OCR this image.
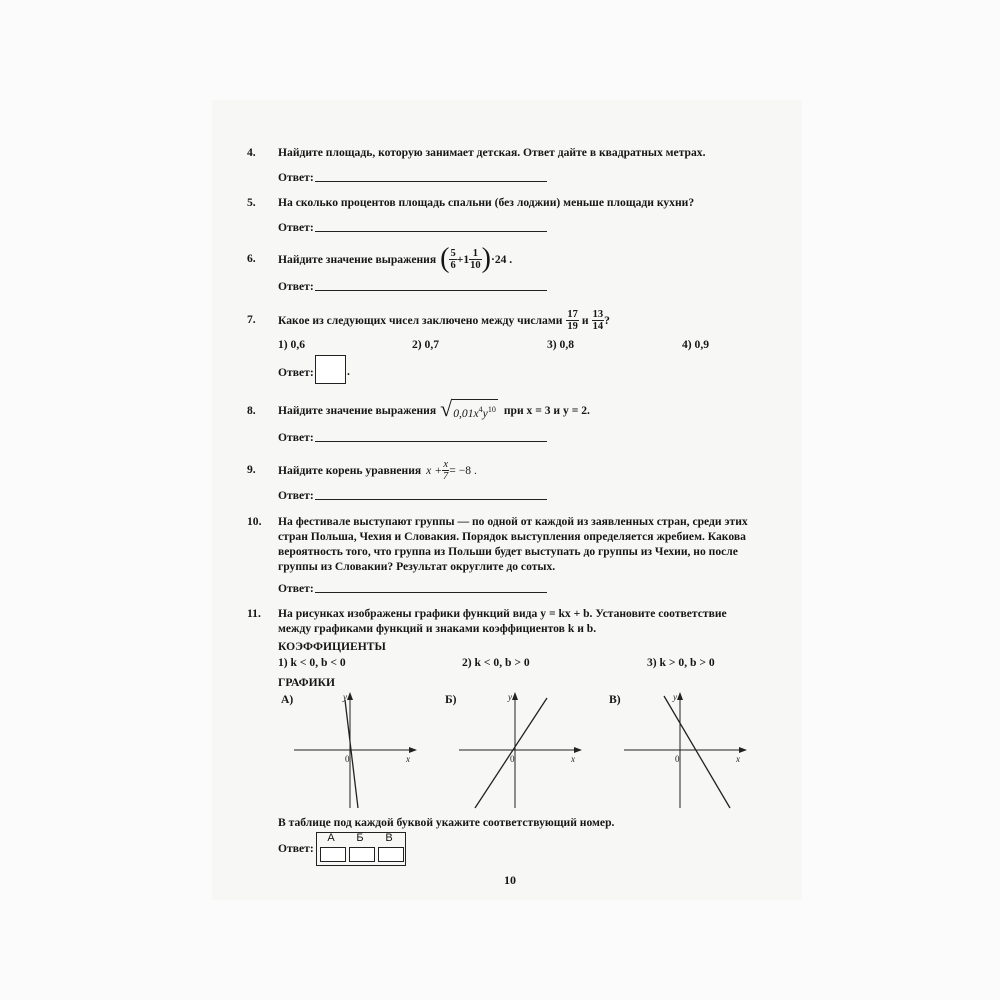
4. Найдите площадь, которую занимает детская. Ответ дайте в квадратных метрах.
Ответ:
5. На сколько процентов площадь спальни (без лоджии) меньше площади кухни?
Ответ:
6. Найдите значение выражения ( $\frac{5}{6} +1 \frac{1}{10}$ ) ·24 .
Ответ:
7. Какое из следующих чисел заключено между числами $\frac{17}{19}$ и $\frac{13}{14}$ ?
1) 0,6	2) 0,7	3) 0,8	4) 0,9
Ответ:	.
8. Найдите значение выражения √ $0,01x^4y^{10}$ при x = 3 и y = 2.
Ответ:
9. Найдите корень уравнения $x + \frac{x}{7} = -8$ .
Ответ:
10. На фестивале выступают группы — по одной от каждой из заявленных стран, среди этих
стран Польша, Чехия и Словакия. Порядок выступления определяется жребием. Какова
вероятность того, что группа из Польши будет выступать до группы из Чехии, но после
группы из Словакии? Результат округлите до сотых.
Ответ:
11. На рисунках изображены графики функций вида y = kx + b. Установите соответствие
между графиками функций и знаками коэффициентов k и b.
КОЭФФИЦИЕНТЫ
1) k < 0, b < 0	2) k < 0, b > 0	3) k > 0, b > 0
ГРАФИКИ
А)	Б)	В)
y
x
0
y
x
0
y
x
0
В таблице под каждой буквой укажите соответствующий номер.
Ответ:
А	Б	В
10
